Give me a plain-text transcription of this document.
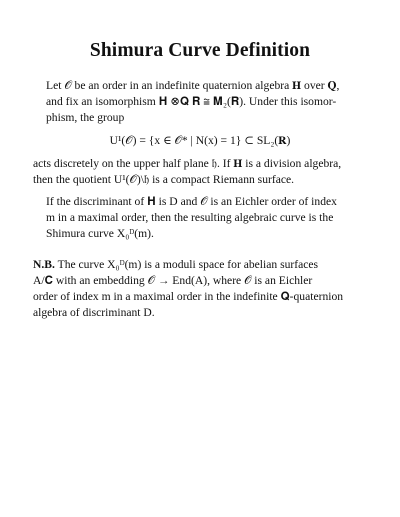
Shimura Curve Definition
Let 𝒪 be an order in an indefinite quaternion algebra 𝐇 over 𝐐,
and fix an isomorphism 𝐇 ⊗𝐐 𝐑 ≅ 𝐌₂(𝐑). Under this isomor-
phism, the group
U¹(𝒪) = {x ∈ 𝒪* | N(x) = 1} ⊂ SL₂(𝐑)
acts discretely on the upper half plane 𝔥. If 𝐇 is a division algebra,
then the quotient U¹(𝒪)\𝔥 is a compact Riemann surface.
If the discriminant of 𝐇 is D and 𝒪 is an Eichler order of index
m in a maximal order, then the resulting algebraic curve is the
Shimura curve X₀ᴰ(m).
N.B. The curve X₀ᴰ(m) is a moduli space for abelian surfaces
A/𝐂 with an embedding 𝒪 → End(A), where 𝒪 is an Eichler
order of index m in a maximal order in the indefinite 𝐐-quaternion
algebra of discriminant D.
